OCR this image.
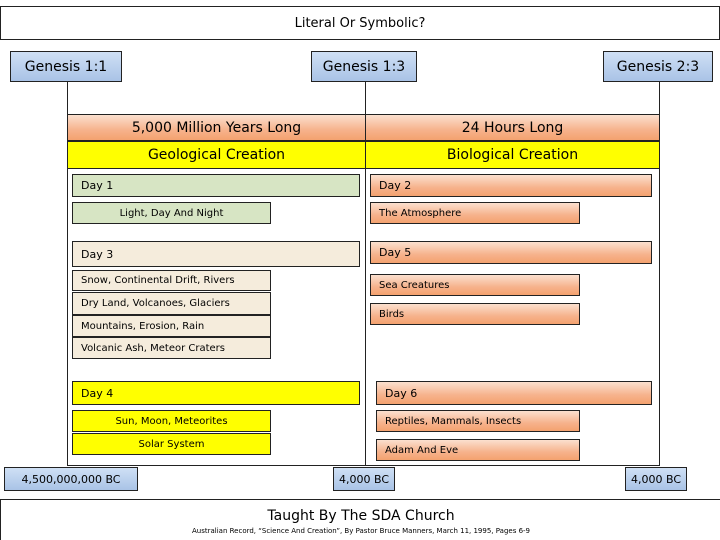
Literal Or Symbolic?
Genesis 1:1	Genesis 1:3	Genesis 2:3
5,000 Million Years Long	24 Hours Long
Geological Creation	Biological Creation
Day 1
Light, Day And Night
Day 2
The Atmosphere
Day 3
Snow, Continental Drift, Rivers
Dry Land, Volcanoes, Glaciers
Mountains, Erosion, Rain
Volcanic Ash, Meteor Craters
Day 5
Sea Creatures
Birds
Day 4
Sun, Moon, Meteorites
Solar System
Day 6
Reptiles, Mammals, Insects
Adam And Eve
4,500,000,000 BC	4,000 BC	4,000 BC
Taught By The SDA Church
Australian Record, “Science And Creation”, By Pastor Bruce Manners, March 11, 1995, Pages 6-9
